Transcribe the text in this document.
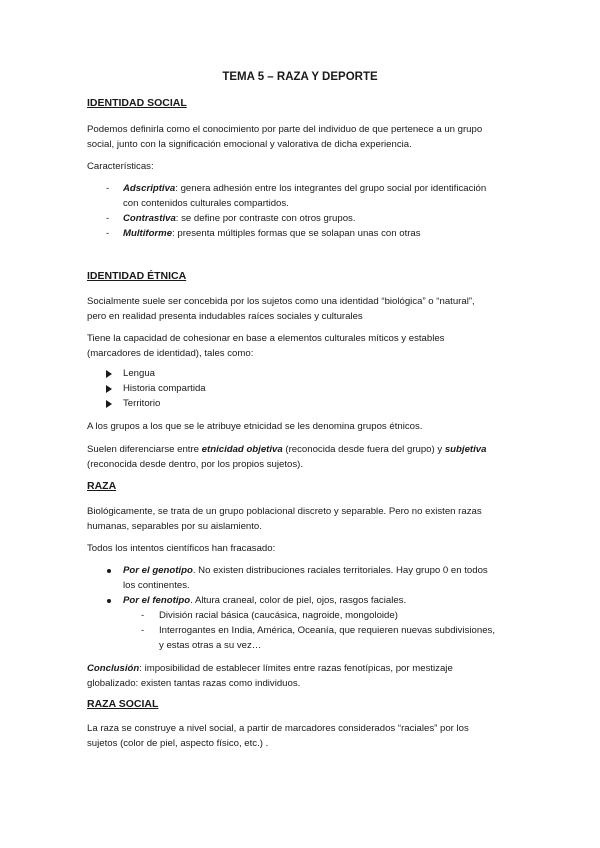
TEMA 5 – RAZA Y DEPORTE
IDENTIDAD SOCIAL
Podemos definirla como el conocimiento por parte del individuo de que pertenece a un grupo
social, junto con la significación emocional y valorativa de dicha experiencia.
Características:
- Adscriptiva: genera adhesión entre los integrantes del grupo social por identificación
con contenidos culturales compartidos.
- Contrastiva: se define por contraste con otros grupos.
- Multiforme: presenta múltiples formas que se solapan unas con otras
IDENTIDAD ÉTNICA
Socialmente suele ser concebida por los sujetos como una identidad “biológica” o “natural”,
pero en realidad presenta indudables raíces sociales y culturales
Tiene la capacidad de cohesionar en base a elementos culturales míticos y estables
(marcadores de identidad), tales como:
Lengua
Historia compartida
Territorio
A los grupos a los que se le atribuye etnicidad se les denomina grupos étnicos.
Suelen diferenciarse entre etnicidad objetiva (reconocida desde fuera del grupo) y subjetiva
(reconocida desde dentro, por los propios sujetos).
RAZA
Biológicamente, se trata de un grupo poblacional discreto y separable. Pero no existen razas
humanas, separables por su aislamiento.
Todos los intentos científicos han fracasado:
Por el genotipo. No existen distribuciones raciales territoriales. Hay grupo 0 en todos
los continentes.
Por el fenotipo. Altura craneal, color de piel, ojos, rasgos faciales.
- División racial básica (caucásica, nagroide, mongoloide)
- Interrogantes en India, América, Oceanía, que requieren nuevas subdivisiones,
y estas otras a su vez…
Conclusión: imposibilidad de establecer límites entre razas fenotípicas, por mestizaje
globalizado: existen tantas razas como individuos.
RAZA SOCIAL
La raza se construye a nivel social, a partir de marcadores considerados “raciales” por los
sujetos (color de piel, aspecto físico, etc.) .
